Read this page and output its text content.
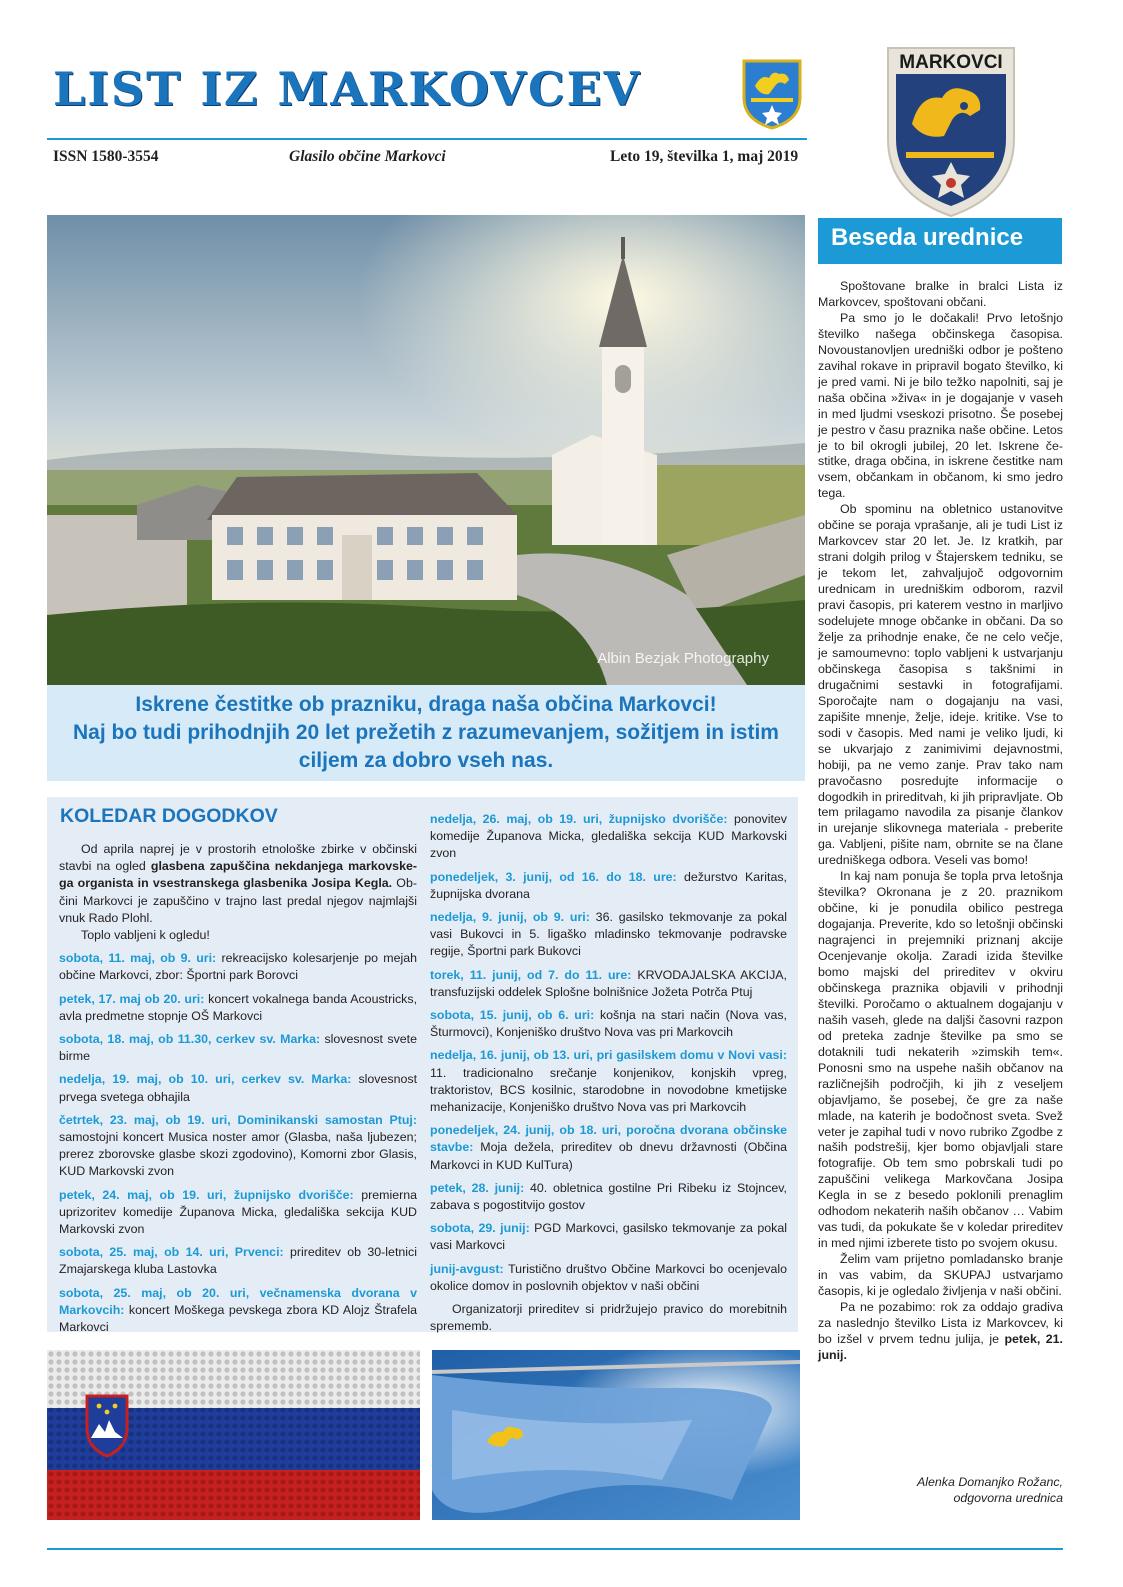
LIST IZ MARKOVCEV
ISSN 1580-3554	Glasilo občine Markovci	Leto 19, številka 1, maj 2019
MARKOVCI
Albin Bezjak Photography
Iskrene čestitke ob prazniku, draga naša občina Markovci!
Naj bo tudi prihodnjih 20 let prežetih z razumevanjem, sožitjem in istim
ciljem za dobro vseh nas.
KOLEDAR DOGODKOV

Od aprila naprej je v prostorih etnološke zbirke v občinski stavbi na ogled glasbena zapuščina nekdanjega markovskega organista in vsestranskega glasbenika Josipa Kegla. Občini Markovci je zapuščino v trajno last predal njegov najmlajši vnuk Rado Plohl.

Toplo vabljeni k ogledu!

sobota, 11. maj, ob 9. uri: rekreacijsko kolesarjenje po mejah občine Markovci, zbor: Športni park Borovci

petek, 17. maj ob 20. uri: koncert vokalnega banda Acoustricks, avla predmetne stopnje OŠ Markovci

sobota, 18. maj, ob 11.30, cerkev sv. Marka: slovesnost svete birme

nedelja, 19. maj, ob 10. uri, cerkev sv. Marka: slovesnost prvega svetega obhajila

četrtek, 23. maj, ob 19. uri, Dominikanski samostan Ptuj: samostojni koncert Musica noster amor (Glasba, naša ljubezen; prerez zborovske glasbe skozi zgodovino), Komorni zbor Glasis, KUD Markovski zvon

petek, 24. maj, ob 19. uri, župnijsko dvorišče: premierna uprizoritev komedije Županova Micka, gledališka sekcija KUD Markovski zvon

sobota, 25. maj, ob 14. uri, Prvenci: prireditev ob 30-letnici Zmajarskega kluba Lastovka

sobota, 25. maj, ob 20. uri, večnamenska dvorana v Markovcih: koncert Moškega pevskega zbora KD Alojz Štrafela Markovci

nedelja, 26. maj, ob 19. uri, župnijsko dvorišče: ponovitev komedije Županova Micka, gledališka sekcija KUD Markovski zvon

ponedeljek, 3. junij, od 16. do 18. ure: dežurstvo Karitas, župnijska dvorana

nedelja, 9. junij, ob 9. uri: 36. gasilsko tekmovanje za pokal vasi Bukovci in 5. ligaško mladinsko tekmovanje podravske regije, Športni park Bukovci

torek, 11. junij, od 7. do 11. ure: KRVODAJALSKA AKCIJA, transfuzijski oddelek Splošne bolnišnice Jožeta Potrča Ptuj

sobota, 15. junij, ob 6. uri: košnja na stari način (Nova vas, Šturmovci), Konjeniško društvo Nova vas pri Markovcih

nedelja, 16. junij, ob 13. uri, pri gasilskem domu v Novi vasi: 11. tradicionalno srečanje konjenikov, konjskih vpreg, traktoristov, BCS kosilnic, starodobne in novodobne kmetijske mehanizacije, Konjeniško društvo Nova vas pri Markovcih

ponedeljek, 24. junij, ob 18. uri, poročna dvorana občinske stavbe: Moja dežela, prireditev ob dnevu državnosti (Občina Markovci in KUD KulTura)

petek, 28. junij: 40. obletnica gostilne Pri Ribeku iz Stojncev, zabava s pogostitvijo gostov

sobota, 29. junij: PGD Markovci, gasilsko tekmovanje za pokal vasi Markovci

junij-avgust: Turistično društvo Občine Markovci bo ocenjevalo okolice domov in poslovnih objektov v naši občini

Organizatorji prireditev si pridržujejo pravico do morebitnih sprememb.

Beseda urednice

Spoštovane bralke in bralci Lista iz Markovcev, spoštovani občani.

Pa smo jo le dočakali! Prvo letošnjo številko našega občinskega časopisa. Novoustanovljen uredniški odbor je pošteno zavihal rokave in pripravil bogato številko, ki je pred vami. Ni je bilo težko napolniti, saj je naša občina »živa« in je dogajanje v vaseh in med ljudmi vseskozi prisotno. Še posebej je pestro v času praznika naše občine. Letos je to bil okrogli jubilej, 20 let. Iskrene čestitke, draga občina, in iskrene čestitke nam vsem, občankam in občanom, ki smo jedro tega.

Ob spominu na obletnico ustanovitve občine se poraja vprašanje, ali je tudi List iz Markovcev star 20 let. Je. Iz kratkih, par strani dolgih prilog v Štajerskem tedniku, se je tekom let, zahvaljujoč odgovornim urednicam in uredniškim odborom, razvil pravi časopis, pri katerem vestno in marljivo sodelujete mnoge občanke in občani. Da so želje za prihodnje enake, če ne celo večje, je samoumevno: toplo vabljeni k ustvarjanju občinskega časopisa s takšnimi in drugačnimi sestavki in fotografijami. Sporočajte nam o dogajanju na vasi, zapišite mnenje, želje, ideje. kritike. Vse to sodi v časopis. Med nami je veliko ljudi, ki se ukvarjajo z zanimivimi dejavnostmi, hobiji, pa ne vemo zanje. Prav tako nam pravočasno posredujte informacije o dogodkih in prireditvah, ki jih pripravljate. Ob tem prilagamo navodila za pisanje člankov in urejanje slikovnega materiala - preberite ga. Vabljeni, pišite nam, obrnite se na člane uredniškega odbora. Veseli vas bomo!

In kaj nam ponuja še topla prva letošnja številka? Okronana je z 20. praznikom občine, ki je ponudila obilico pestrega dogajanja. Preverite, kdo so letošnji občinski nagrajenci in prejemniki priznanj akcije Ocenjevanje okolja. Zaradi izida številke bomo majski del prireditev v okviru občinskega praznika objavili v prihodnji številki. Poročamo o aktualnem dogajanju v naših vaseh, glede na daljši časovni razpon od preteka zadnje številke pa smo se dotaknili tudi nekaterih »zimskih tem«. Ponosni smo na uspehe naših občanov na različnejših področjih, ki jih z veseljem objavljamo, še posebej, če gre za naše mlade, na katerih je bodočnost sveta. Svež veter je zapihal tudi v novo rubriko Zgodbe z naših podstrešij, kjer bomo objavljali stare fotografije. Ob tem smo pobrskali tudi po zapuščini velikega Markovčana Josipa Kegla in se z besedo poklonili prenaglim odhodom nekaterih naših občanov … Vabim vas tudi, da pokukate še v koledar prireditev in med njimi izberete tisto po svojem okusu.

Želim vam prijetno pomladansko branje in vas vabim, da SKUPAJ ustvarjamo časopis, ki je ogledalo življenja v naši občini.

Pa ne pozabimo: rok za oddajo gradiva za naslednjo številko Lista iz Markovcev, ki bo izšel v prvem tednu julija, je petek, 21. junij.

Alenka Domanjko Rožanc,
odgovorna urednica
